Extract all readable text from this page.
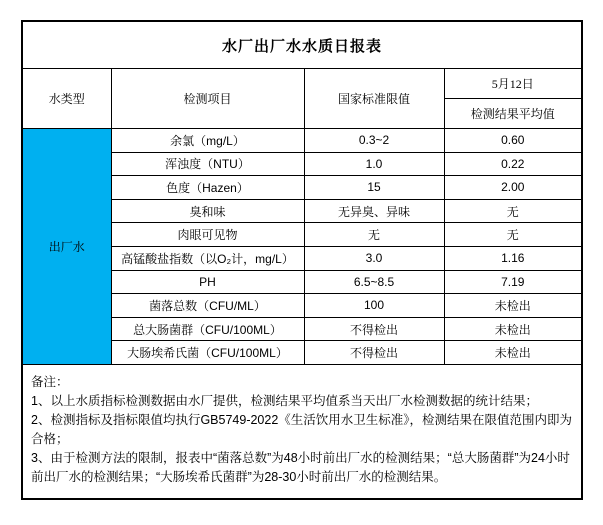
水厂出厂水水质日报表
水类型	检测项目	国家标准限值	5月12日
			检测结果平均值
出厂水	余氯（mg/L）	0.3~2	0.60
	浑浊度（NTU）	1.0	0.22
	色度（Hazen）	15	2.00
	臭和味	无异臭、异味	无
	肉眼可见物	无	无
	高锰酸盐指数（以O₂计，mg/L）	3.0	1.16
	PH	6.5~8.5	7.19
	菌落总数（CFU/ML）	100	未检出
	总大肠菌群（CFU/100ML）	不得检出	未检出
	大肠埃希氏菌（CFU/100ML）	不得检出	未检出
备注：
1、以上水质指标检测数据由水厂提供，检测结果平均值系当天出厂水检测数据的统计结果；
2、检测指标及指标限值均执行GB5749-2022《生活饮用水卫生标准》，检测结果在限值范围内即为合格；
3、由于检测方法的限制，报表中“菌落总数”为48小时前出厂水的检测结果；“总大肠菌群”为24小时前出厂水的检测结果；“大肠埃希氏菌群”为28-30小时前出厂水的检测结果。
